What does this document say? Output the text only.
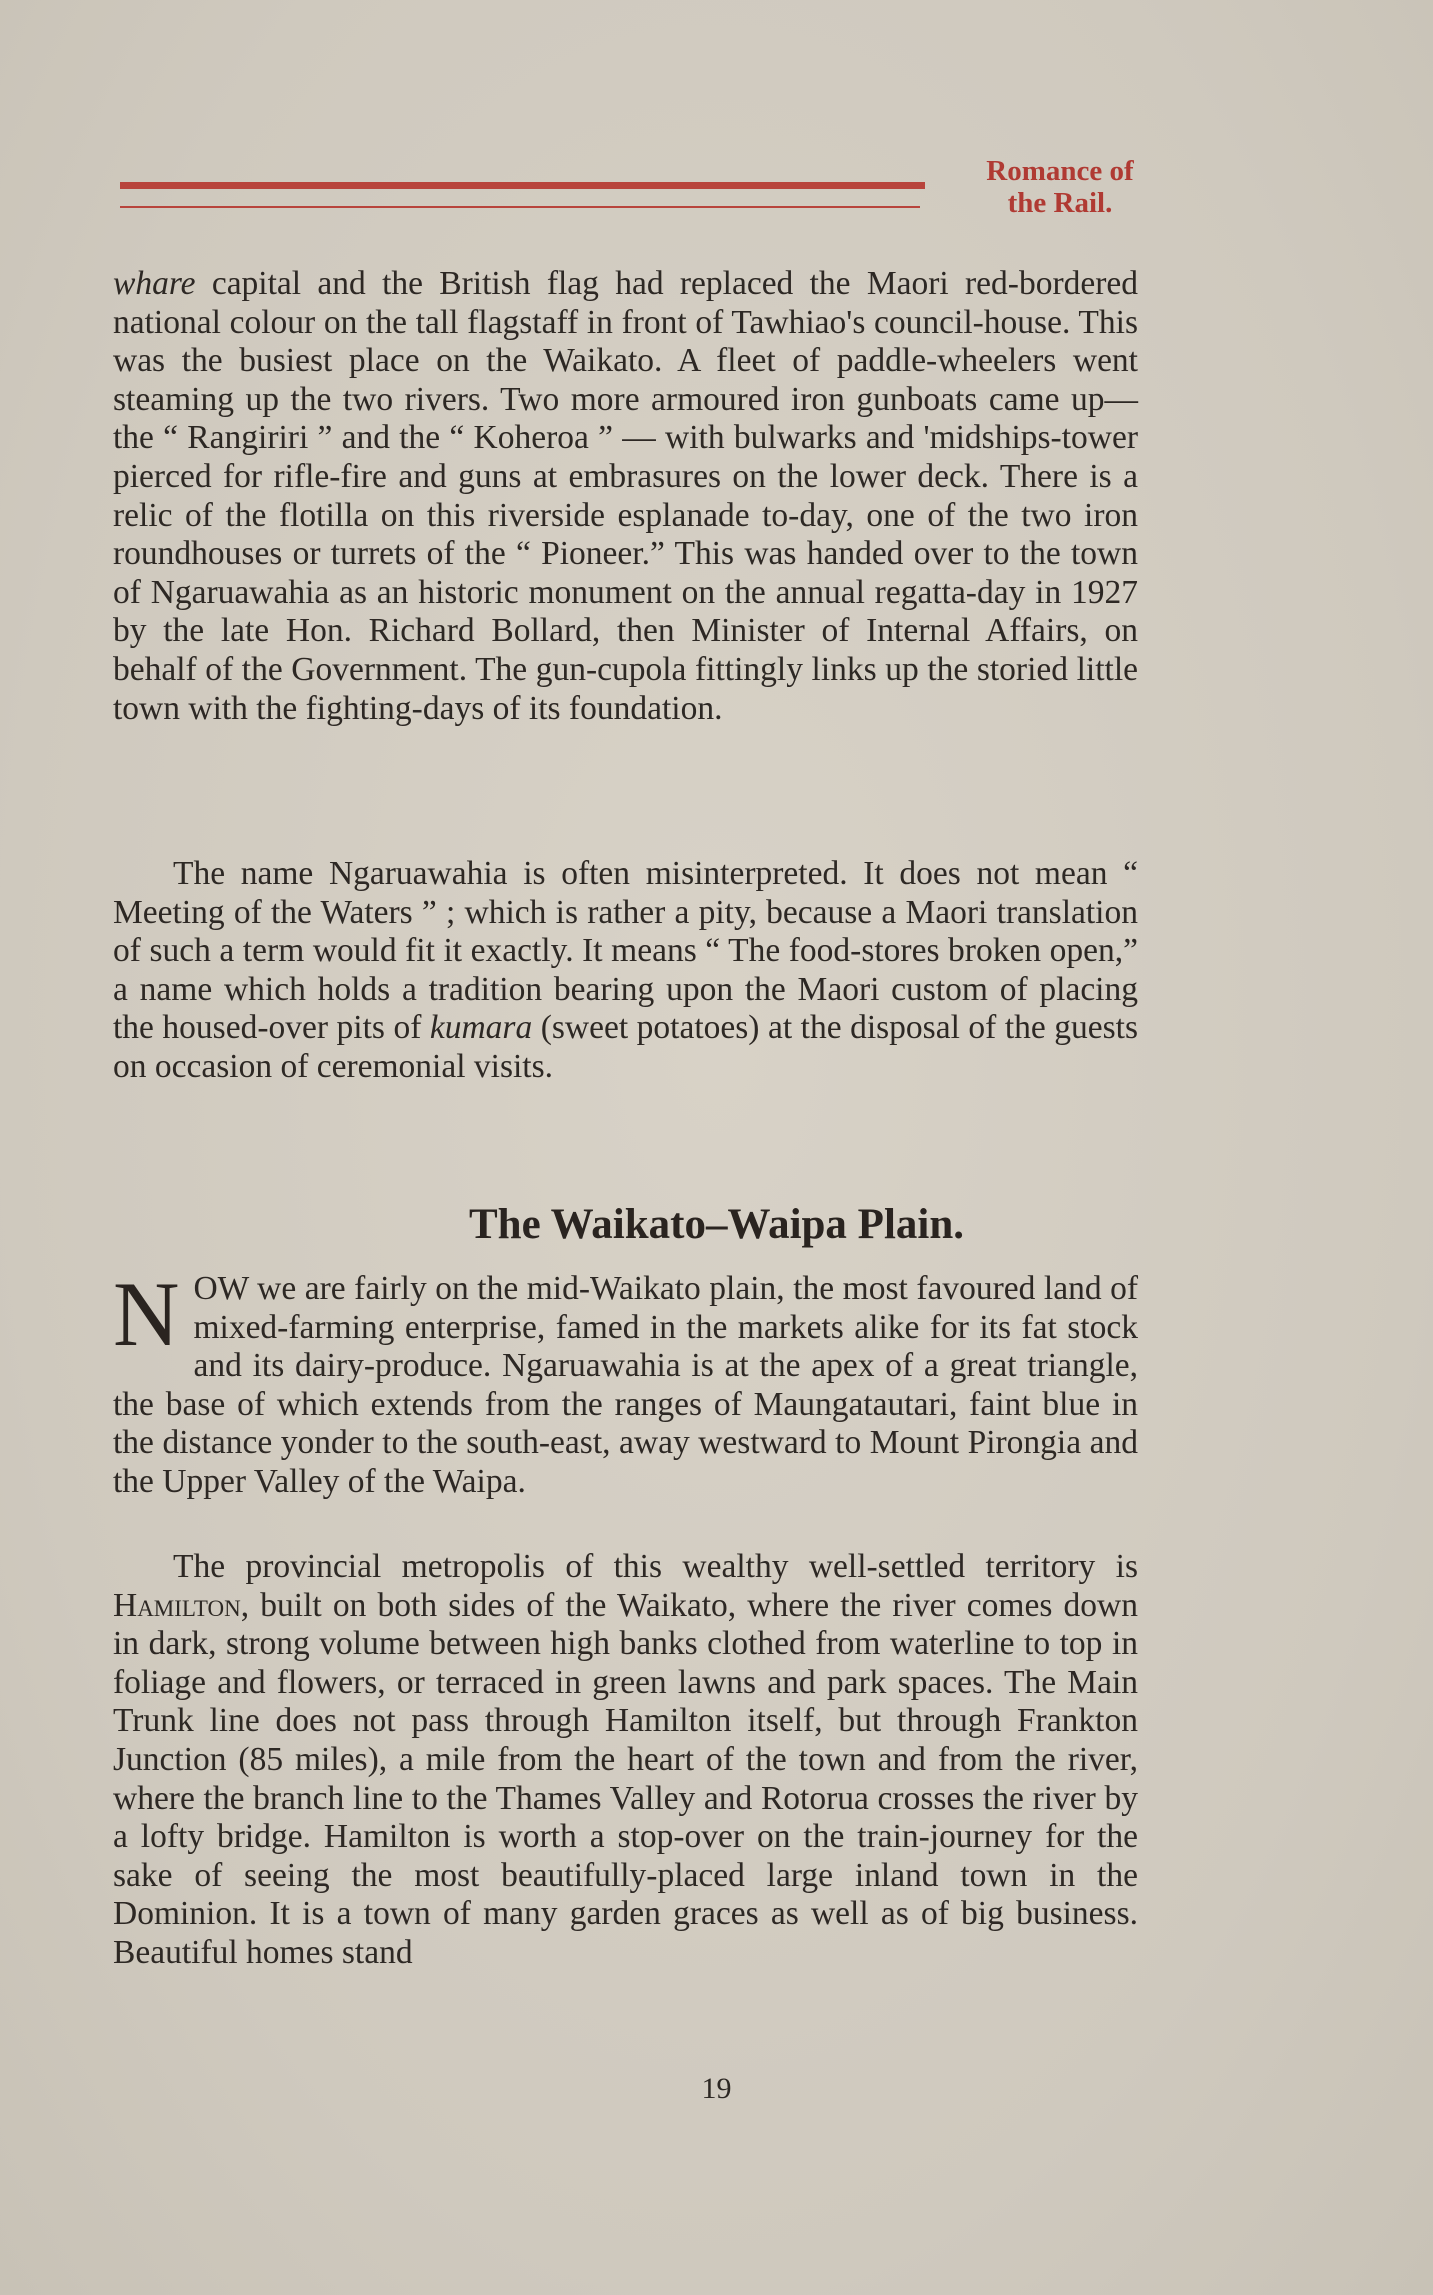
Romance of
the Rail.

whare capital and the British flag had replaced the Maori red-bordered national colour on the tall flagstaff in front of Tawhiao's council-house. This was the busiest place on the Waikato. A fleet of paddle-wheelers went steaming up the two rivers. Two more armoured iron gunboats came up— the “ Rangiriri ” and the “ Koheroa ” — with bulwarks and 'midships-tower pierced for rifle-fire and guns at embrasures on the lower deck. There is a relic of the flotilla on this riverside esplanade to-day, one of the two iron roundhouses or turrets of the “ Pioneer.” This was handed over to the town of Ngaruawahia as an historic monument on the annual regatta-day in 1927 by the late Hon. Richard Bollard, then Minister of Internal Affairs, on behalf of the Government. The gun-cupola fittingly links up the storied little town with the fighting-days of its foundation.

The name Ngaruawahia is often misinterpreted. It does not mean “ Meeting of the Waters ” ; which is rather a pity, because a Maori translation of such a term would fit it exactly. It means “ The food-stores broken open,” a name which holds a tradition bearing upon the Maori custom of placing the housed-over pits of kumara (sweet potatoes) at the disposal of the guests on occasion of ceremonial visits.

The Waikato–Waipa Plain.

NOW we are fairly on the mid-Waikato plain, the most favoured land of mixed-farming enterprise, famed in the markets alike for its fat stock and its dairy-produce. Ngaruawahia is at the apex of a great triangle, the base of which extends from the ranges of Maungatautari, faint blue in the distance yonder to the south-east, away westward to Mount Pirongia and the Upper Valley of the Waipa.

The provincial metropolis of this wealthy well-settled territory is Hamilton, built on both sides of the Waikato, where the river comes down in dark, strong volume between high banks clothed from waterline to top in foliage and flowers, or terraced in green lawns and park spaces. The Main Trunk line does not pass through Hamilton itself, but through Frankton Junction (85 miles), a mile from the heart of the town and from the river, where the branch line to the Thames Valley and Rotorua crosses the river by a lofty bridge. Hamilton is worth a stop-over on the train-journey for the sake of seeing the most beautifully-placed large inland town in the Dominion. It is a town of many garden graces as well as of big business. Beautiful homes stand

19
